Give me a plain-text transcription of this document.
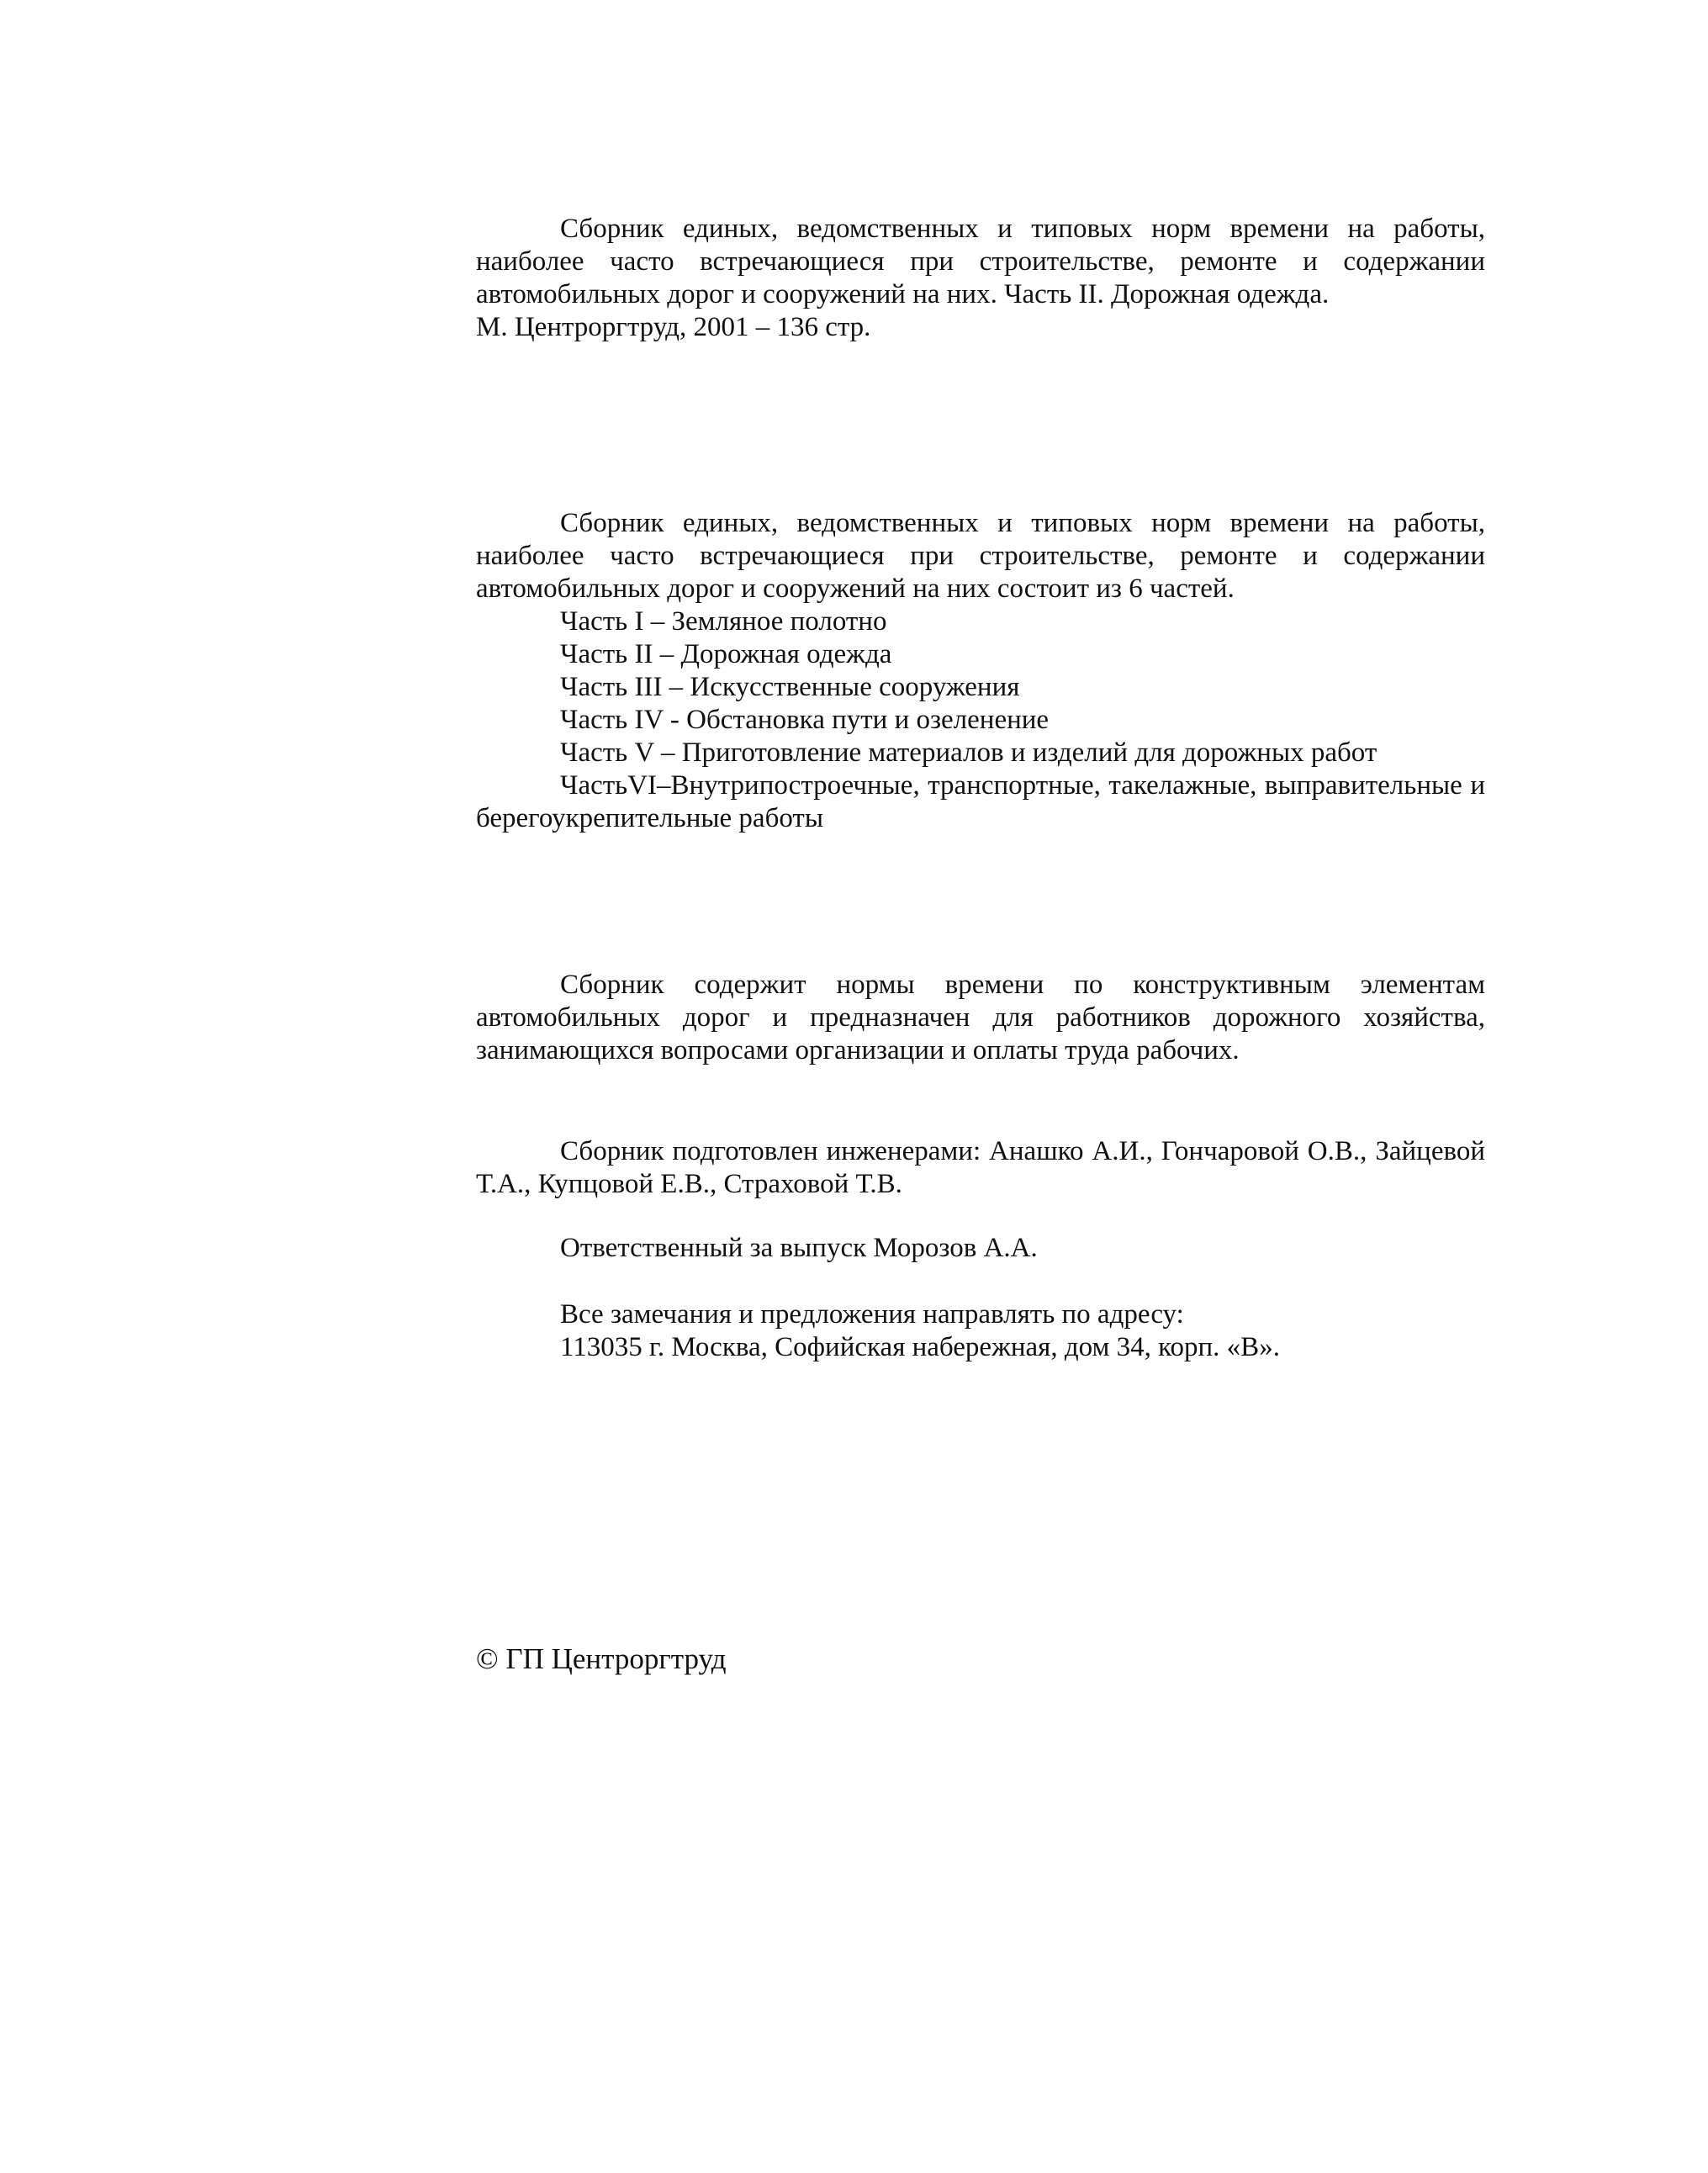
Сборник единых, ведомственных и типовых норм времени на работы, наиболее часто встречающиеся при строительстве, ремонте и содержании автомобильных дорог и сооружений на них. Часть II. Дорожная одежда.

М. Центроргтруд, 2001 – 136 стр.

Сборник единых, ведомственных и типовых норм времени на работы, наиболее часто встречающиеся при строительстве, ремонте и содержании автомобильных дорог и сооружений на них состоит из 6 частей.

Часть I – Земляное полотно

Часть II – Дорожная одежда

Часть III – Искусственные сооружения

Часть IV - Обстановка пути и озеленение

Часть V – Приготовление материалов и изделий для дорожных работ

ЧастьVI–Внутрипостроечные, транспортные, такелажные, выправительные и берегоукрепительные работы

Сборник содержит нормы времени по конструктивным элементам автомобильных дорог и предназначен для работников дорожного хозяйства, занимающихся вопросами организации и оплаты труда рабочих.

Сборник подготовлен инженерами: Анашко А.И., Гончаровой О.В., Зайцевой Т.А., Купцовой Е.В., Страховой Т.В.

Ответственный за выпуск Морозов А.А.

Все замечания и предложения направлять по адресу:

113035 г. Москва, Софийская набережная, дом 34, корп. «В».

© ГП Центроргтруд
